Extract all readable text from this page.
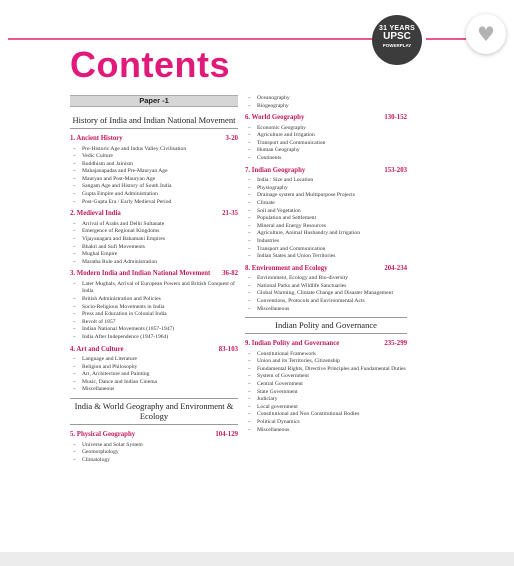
31 YEARS
UPSC
POWERPLAY	♥
Contents
Paper -1
History of India and Indian National Movement
1. Ancient History	3-20
– Pre-Historic Age and Indus Valley Civilisation
– Vedic Culture
– Buddhism and Jainism
– Mahajanapadas and Pre-Mauryan Age
– Mauryan and Post-Mauryan Age
– Sangam Age and History of South India
– Gupta Empire and Administration
– Post-Gupta Era / Early Medieval Period
2. Medieval India	21-35
– Arrival of Arabs and Delhi Sultanate
– Emergence of Regional Kingdoms
– Vijayanagara and Bahamani Empires
– Bhakti and Sufi Movements
– Mughal Empire
– Maratha Rule and Administration
3. Modern India and Indian National Movement	36-82
– Later Mughals, Arrival of European Powers and British Conquest of India
– British Administration and Policies
– Socio-Religious Movements in India
– Press and Education in Colonial India
– Revolt of 1857
– Indian National Movements (1857-1947)
– India After Independence (1947-1964)
4. Art and Culture	83-103
– Language and Literature
– Religion and Philosophy
– Art, Architecture and Painting
– Music, Dance and Indian Cinema
– Miscellaneous
India & World Geography and Environment & Ecology
5. Physical Geography	104-129
– Universe and Solar System
– Geomorphology
– Climatology
– Oceanography
– Biogeography
6. World Geography	130-152
– Economic Geography
– Agriculture and Irrigation
– Transport and Communication
– Human Geography
– Continents
7. Indian Geography	153-203
– India : Size and Location
– Physiography
– Drainage system and Multipurpose Projects
– Climate
– Soil and Vegetation
– Population and Settlement
– Mineral and Energy Resources
– Agriculture, Animal Husbandry and Irrigation
– Industries
– Transport and Communication
– Indian States and Union Territories
8. Environment and Ecology	204-234
– Environment, Ecology and Bio-diversity
– National Parks and Wildlife Sanctuaries
– Global Warming, Climate Change and Disaster Management
– Conventions, Protocols and Environmental Acts
– Miscellaneous
Indian Polity and Governance
9. Indian Polity and Governance	235-299
– Constitutional Framework
– Union and its Territories, Citizenship
– Fundamental Rights, Directive Principles and Fundamental Duties
– System of Government
– Central Government
– State Government
– Judiciary
– Local government
– Constitutional and Non Constitutional Bodies
– Political Dynamics
– Miscellaneous
